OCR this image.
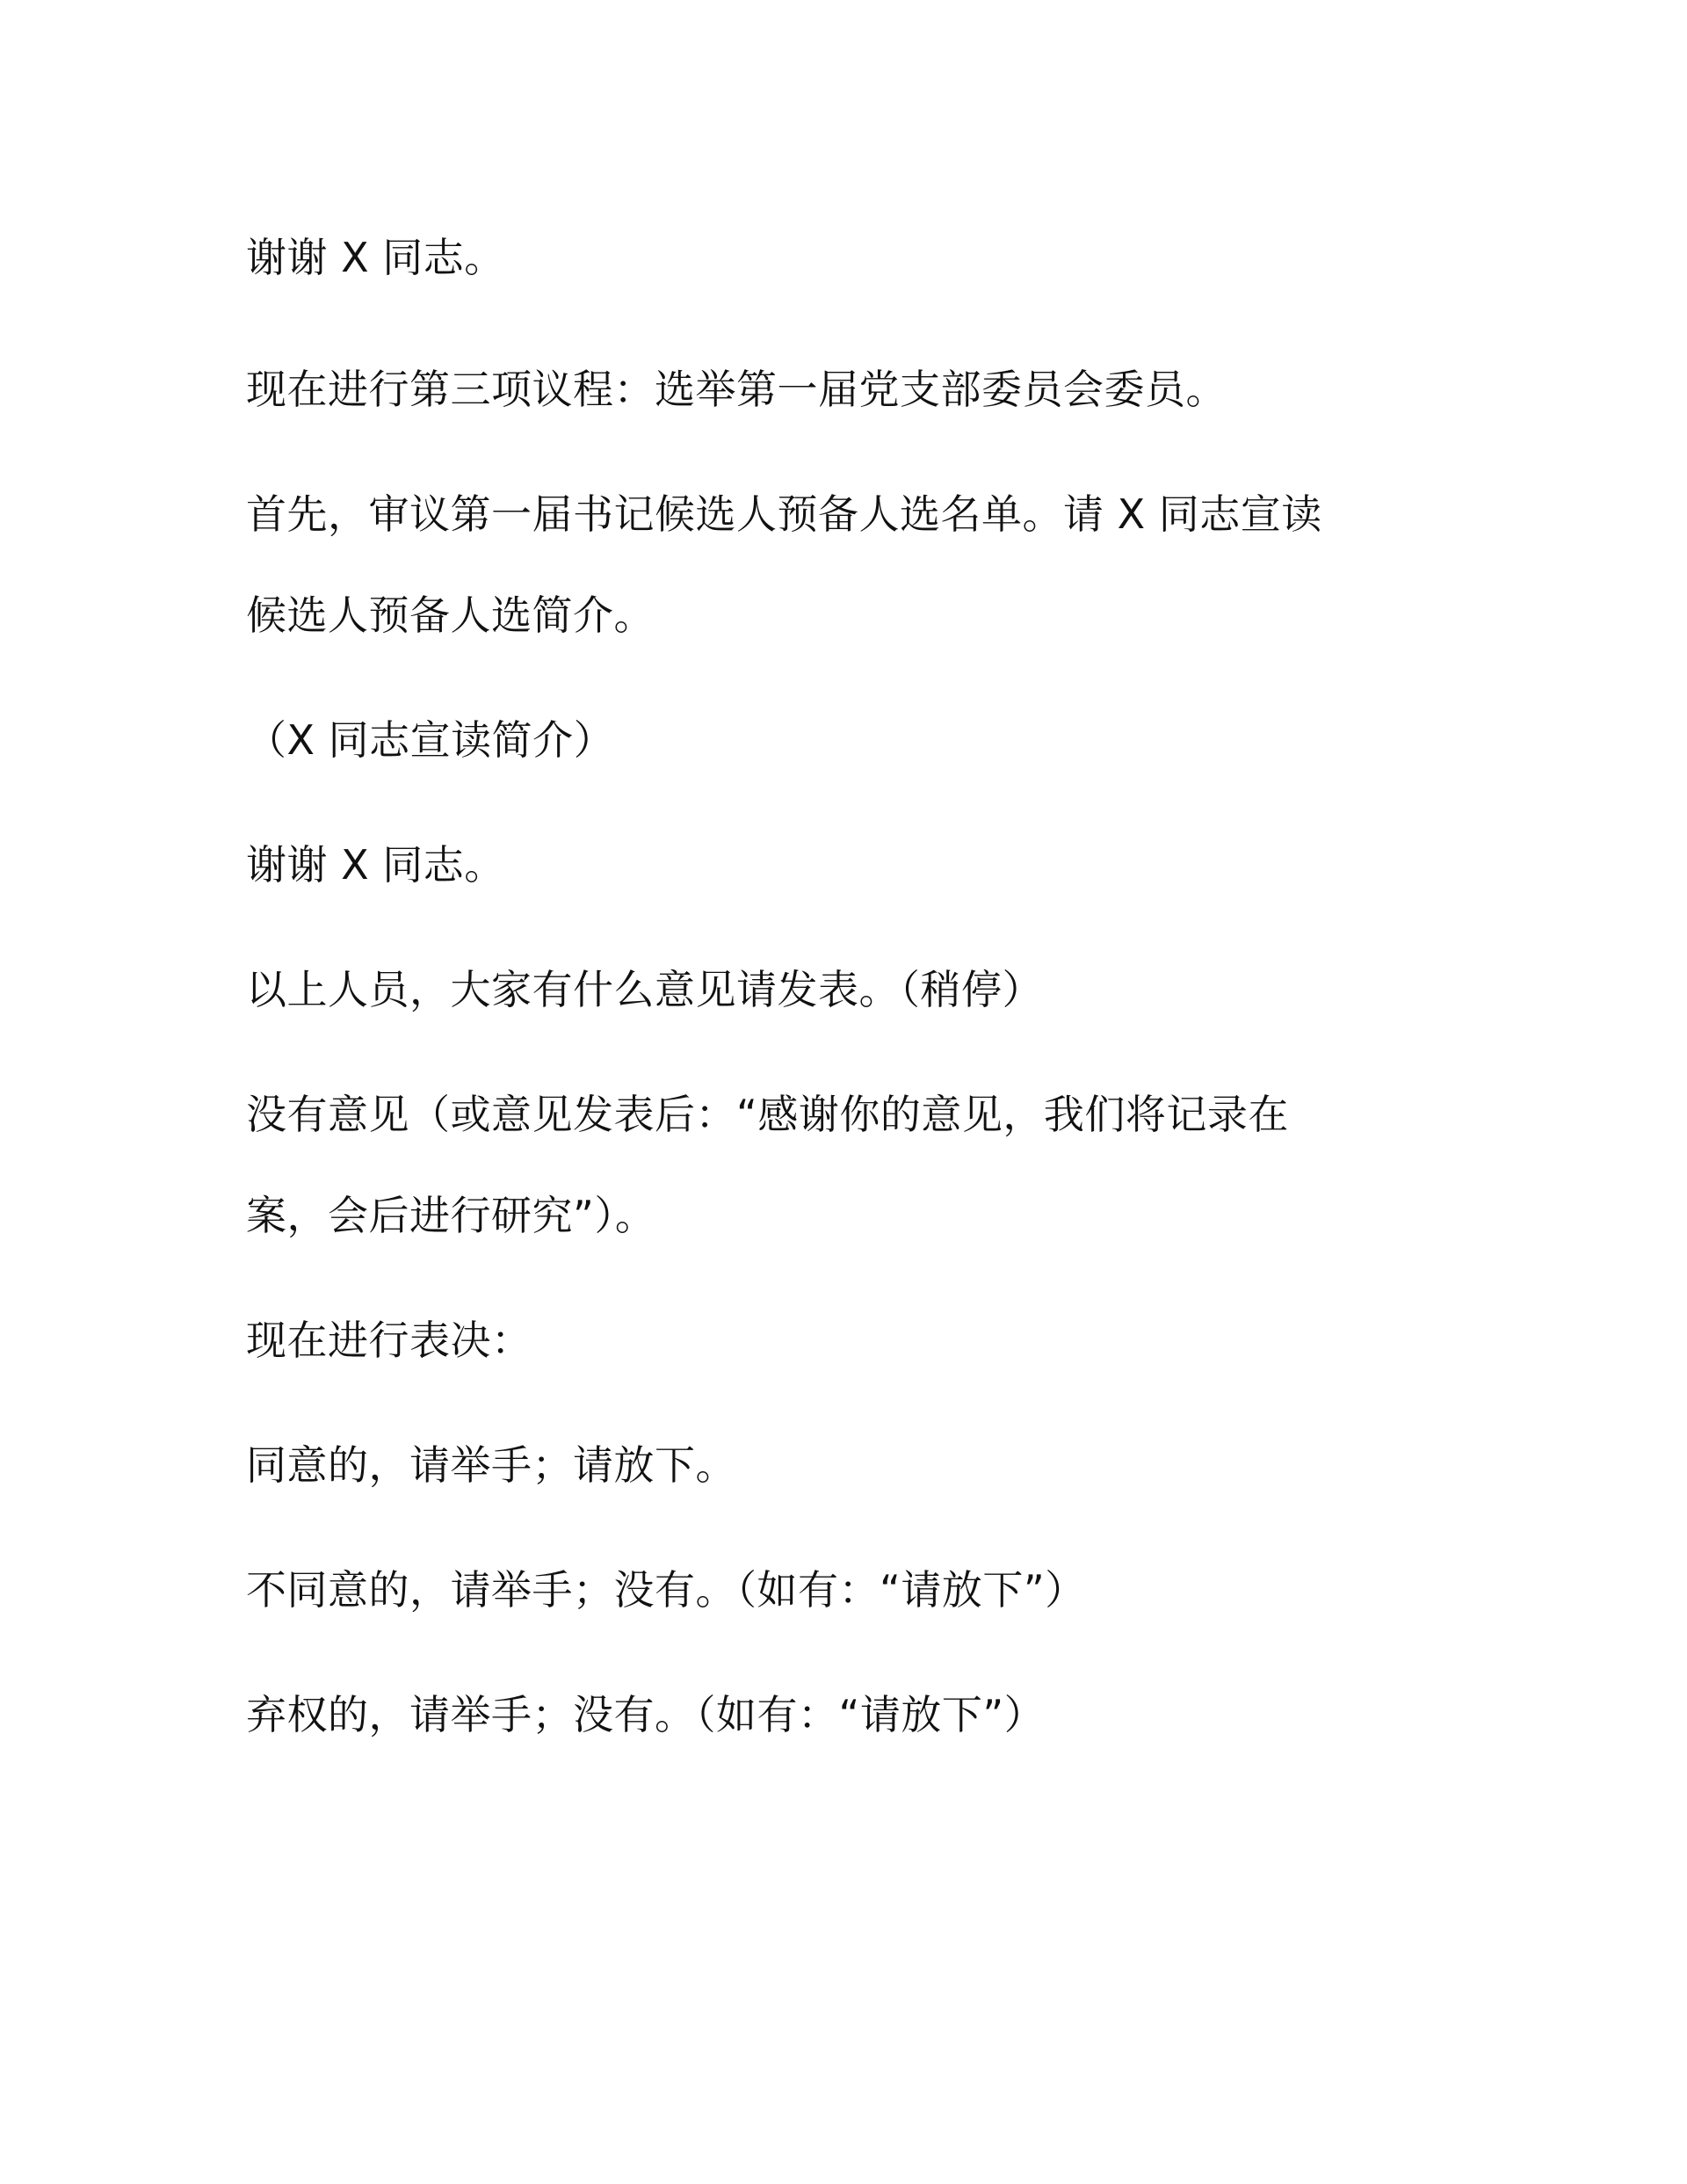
谢谢 X 同志。

现在进行第三项议程：选举第一届党支部委员会委员。

首先，审议第一届书记候选人预备人选名单。请 X 同志宣读

候选人预备人选简介。

（X 同志宣读简介）

谢谢 X 同志。

以上人员，大家有什么意见请发表。（稍停）

没有意见（或意见发表后：“感谢你的意见，我们将记录在

案，会后进行研究”）。

现在进行表决：

同意的，请举手；请放下。

不同意的，请举手；没有。（如有：“请放下”）

弃权的，请举手；没有。（如有：“请放下”）
